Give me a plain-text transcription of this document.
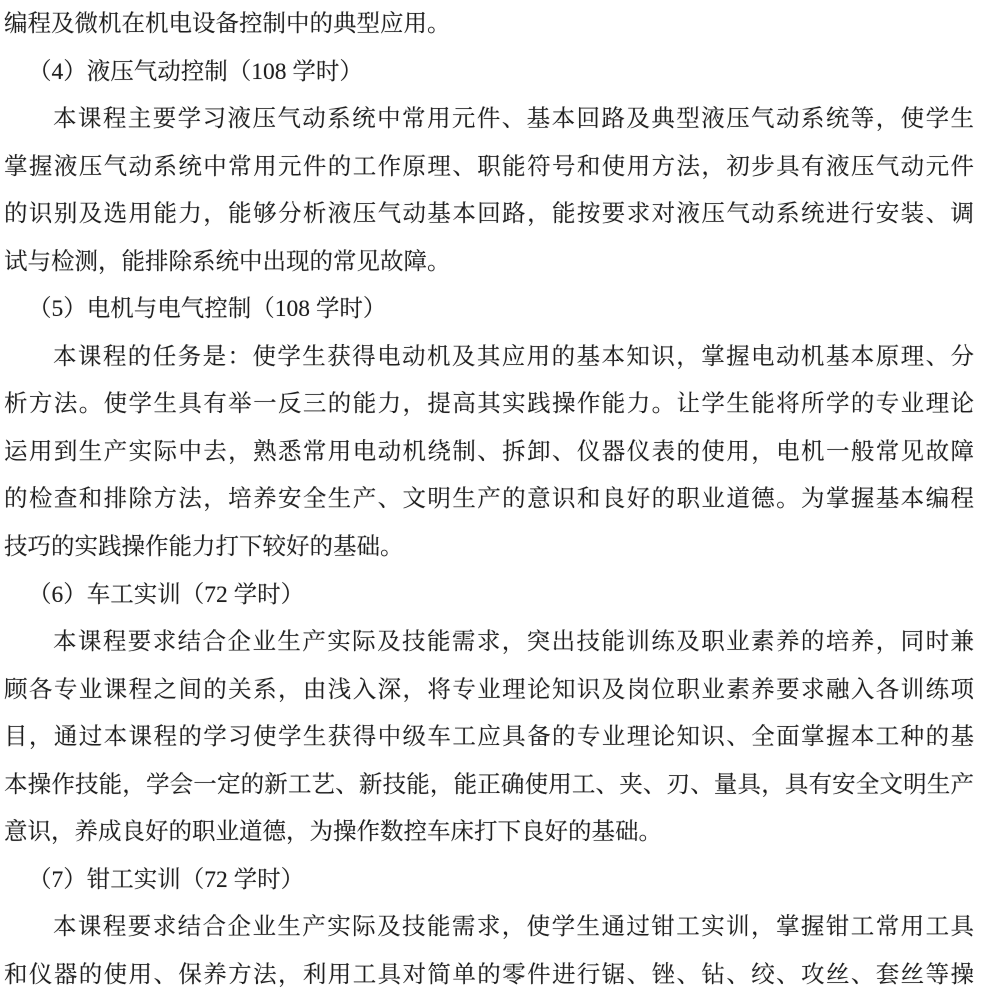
编程及微机在机电设备控制中的典型应用。
（4）液压气动控制（108 学时）
本课程主要学习液压气动系统中常用元件、基本回路及典型液压气动系统等，使学生
掌握液压气动系统中常用元件的工作原理、职能符号和使用方法，初步具有液压气动元件
的识别及选用能力，能够分析液压气动基本回路，能按要求对液压气动系统进行安装、调
试与检测，能排除系统中出现的常见故障。
（5）电机与电气控制（108 学时）
本课程的任务是：使学生获得电动机及其应用的基本知识，掌握电动机基本原理、分
析方法。使学生具有举一反三的能力，提高其实践操作能力。让学生能将所学的专业理论
运用到生产实际中去，熟悉常用电动机绕制、拆卸、仪器仪表的使用，电机一般常见故障
的检查和排除方法，培养安全生产、文明生产的意识和良好的职业道德。为掌握基本编程
技巧的实践操作能力打下较好的基础。
（6）车工实训（72 学时）
本课程要求结合企业生产实际及技能需求，突出技能训练及职业素养的培养，同时兼
顾各专业课程之间的关系，由浅入深，将专业理论知识及岗位职业素养要求融入各训练项
目，通过本课程的学习使学生获得中级车工应具备的专业理论知识、全面掌握本工种的基
本操作技能，学会一定的新工艺、新技能，能正确使用工、夹、刃、量具，具有安全文明生产
意识，养成良好的职业道德，为操作数控车床打下良好的基础。
（7）钳工实训（72 学时）
本课程要求结合企业生产实际及技能需求，使学生通过钳工实训，掌握钳工常用工具
和仪器的使用、保养方法，利用工具对简单的零件进行锯、锉、钻、绞、攻丝、套丝等操
